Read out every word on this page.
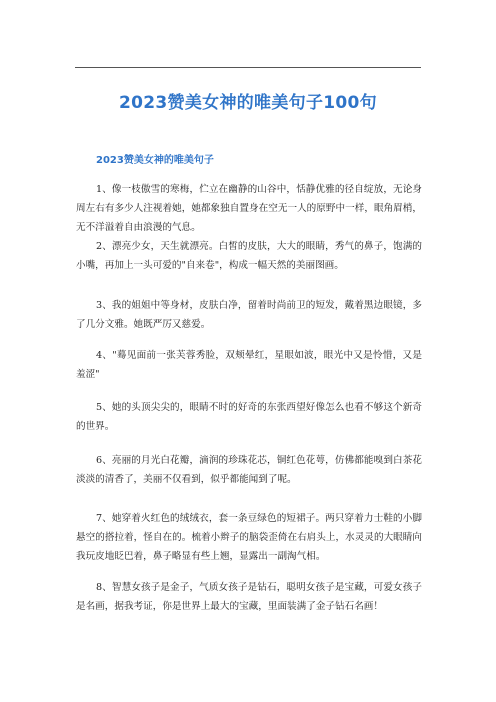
2023赞美女神的唯美句子100句
2023赞美女神的唯美句子

1、像一枝傲雪的寒梅，伫立在幽静的山谷中，恬静优雅的径自绽放，无论身周左右有多少人注视着她，她都象独自置身在空无一人的原野中一样，眼角眉梢，无不洋溢着自由浪漫的气息。

2、漂亮少女，天生就漂亮。白皙的皮肤，大大的眼睛，秀气的鼻子，饱满的小嘴，再加上一头可爱的"自来卷"，构成一幅天然的美丽图画。

3、我的姐姐中等身材，皮肤白净，留着时尚前卫的短发，戴着黑边眼镜，多了几分文雅。她既严厉又慈爱。

4、"蓦见面前一张芙蓉秀脸，双颊晕红，星眼如波，眼光中又是怜惜，又是羞涩"

5、她的头顶尖尖的，眼睛不时的好奇的东张西望好像怎么也看不够这个新奇的世界。

6、亮丽的月光白花瓣，滴润的珍珠花芯，铜红色花萼，仿佛都能嗅到白茶花淡淡的清香了，美丽不仅看到，似乎都能闻到了呢。

7、她穿着火红色的绒绒衣，套一条豆绿色的短裙子。两只穿着力士鞋的小脚悬空的搭拉着，怪自在的。梳着小辫子的脑袋歪倚在右肩头上，水灵灵的大眼睛向我玩皮地眨巴着，鼻子略显有些上翘，显露出一副淘气相。

8、智慧女孩子是金子，气质女孩子是钻石，聪明女孩子是宝藏，可爱女孩子是名画，据我考证，你是世界上最大的宝藏，里面装满了金子钻石名画！
